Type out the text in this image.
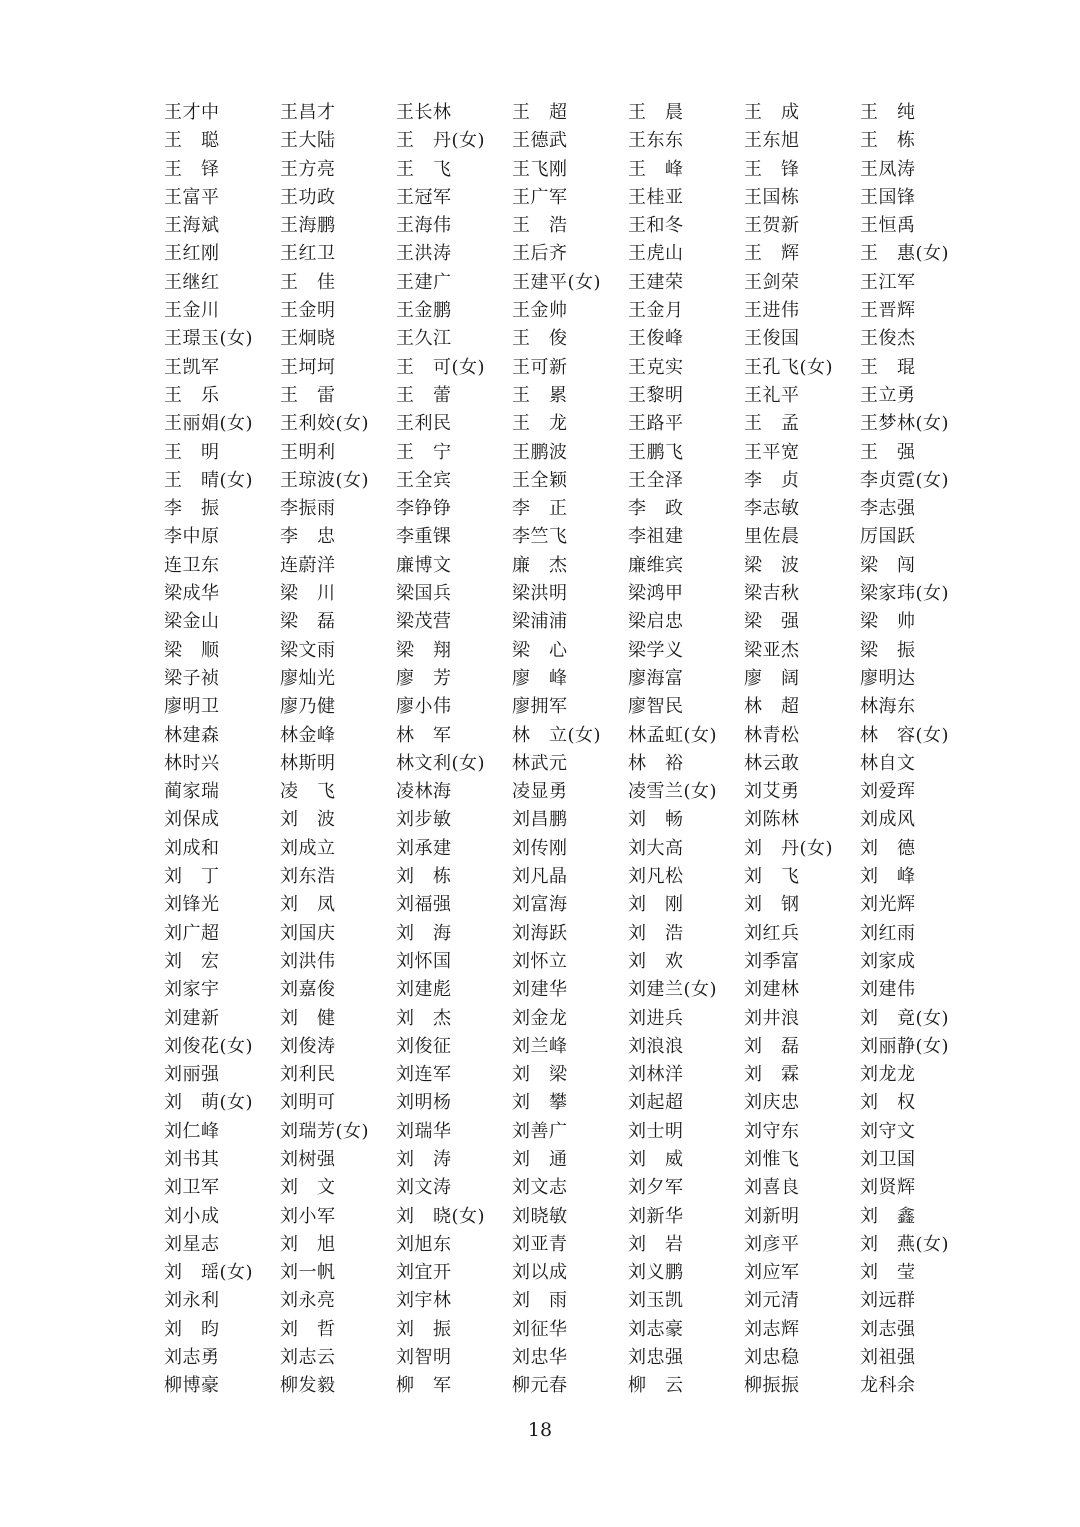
王才中	王昌才	王长林	王　超	王　晨	王　成	王　纯
王　聪	王大陆	王　丹(女)	王德武	王东东	王东旭	王　栋
王　铎	王方亮	王　飞	王飞刚	王　峰	王　锋	王凤涛
王富平	王功政	王冠军	王广军	王桂亚	王国栋	王国锋
王海斌	王海鹏	王海伟	王　浩	王和冬	王贺新	王恒禹
王红刚	王红卫	王洪涛	王后齐	王虎山	王　辉	王　惠(女)
王继红	王　佳	王建广	王建平(女)	王建荣	王剑荣	王江军
王金川	王金明	王金鹏	王金帅	王金月	王进伟	王晋辉
王璟玉(女)	王炯晓	王久江	王　俊	王俊峰	王俊国	王俊杰
王凯军	王坷坷	王　可(女)	王可新	王克实	王孔飞(女)	王　琨
王　乐	王　雷	王　蕾	王　累	王黎明	王礼平	王立勇
王丽娟(女)	王利姣(女)	王利民	王　龙	王路平	王　孟	王梦林(女)
王　明	王明利	王　宁	王鹏波	王鹏飞	王平宽	王　强
王　晴(女)	王琼波(女)	王全宾	王全颖	王全泽	李　贞	李贞霓(女)
李　振	李振雨	李铮铮	李　正	李　政	李志敏	李志强
李中原	李　忠	李重锞	李竺飞	李祖建	里佐晨	厉国跃
连卫东	连蔚洋	廉博文	廉　杰	廉维宾	梁　波	梁　闯
梁成华	梁　川	梁国兵	梁洪明	梁鸿甲	梁吉秋	梁家玮(女)
梁金山	梁　磊	梁茂营	梁浦浦	梁启忠	梁　强	梁　帅
梁　顺	梁文雨	梁　翔	梁　心	梁学义	梁亚杰	梁　振
梁子祯	廖灿光	廖　芳	廖　峰	廖海富	廖　阔	廖明达
廖明卫	廖乃健	廖小伟	廖拥军	廖智民	林　超	林海东
林建森	林金峰	林　军	林　立(女)	林孟虹(女)	林青松	林　容(女)
林时兴	林斯明	林文利(女)	林武元	林　裕	林云敢	林自文
蔺家瑞	凌　飞	凌林海	凌显勇	凌雪兰(女)	刘艾勇	刘爱珲
刘保成	刘　波	刘步敏	刘昌鹏	刘　畅	刘陈林	刘成风
刘成和	刘成立	刘承建	刘传刚	刘大高	刘　丹(女)	刘　德
刘　丁	刘东浩	刘　栋	刘凡晶	刘凡松	刘　飞	刘　峰
刘锋光	刘　凤	刘福强	刘富海	刘　刚	刘　钢	刘光辉
刘广超	刘国庆	刘　海	刘海跃	刘　浩	刘红兵	刘红雨
刘　宏	刘洪伟	刘怀国	刘怀立	刘　欢	刘季富	刘家成
刘家宇	刘嘉俊	刘建彪	刘建华	刘建兰(女)	刘建林	刘建伟
刘建新	刘　健	刘　杰	刘金龙	刘进兵	刘井浪	刘　竟(女)
刘俊花(女)	刘俊涛	刘俊征	刘兰峰	刘浪浪	刘　磊	刘丽静(女)
刘丽强	刘利民	刘连军	刘　梁	刘林洋	刘　霖	刘龙龙
刘　萌(女)	刘明可	刘明杨	刘　攀	刘起超	刘庆忠	刘　权
刘仁峰	刘瑞芳(女)	刘瑞华	刘善广	刘士明	刘守东	刘守文
刘书其	刘树强	刘　涛	刘　通	刘　威	刘惟飞	刘卫国
刘卫军	刘　文	刘文涛	刘文志	刘夕军	刘喜良	刘贤辉
刘小成	刘小军	刘　晓(女)	刘晓敏	刘新华	刘新明	刘　鑫
刘星志	刘　旭	刘旭东	刘亚青	刘　岩	刘彦平	刘　燕(女)
刘　瑶(女)	刘一帆	刘宜开	刘以成	刘义鹏	刘应军	刘　莹
刘永利	刘永亮	刘宇林	刘　雨	刘玉凯	刘元清	刘远群
刘　昀	刘　哲	刘　振	刘征华	刘志豪	刘志辉	刘志强
刘志勇	刘志云	刘智明	刘忠华	刘忠强	刘忠稳	刘祖强
柳博豪	柳发毅	柳　军	柳元春	柳　云	柳振振	龙科余
18
